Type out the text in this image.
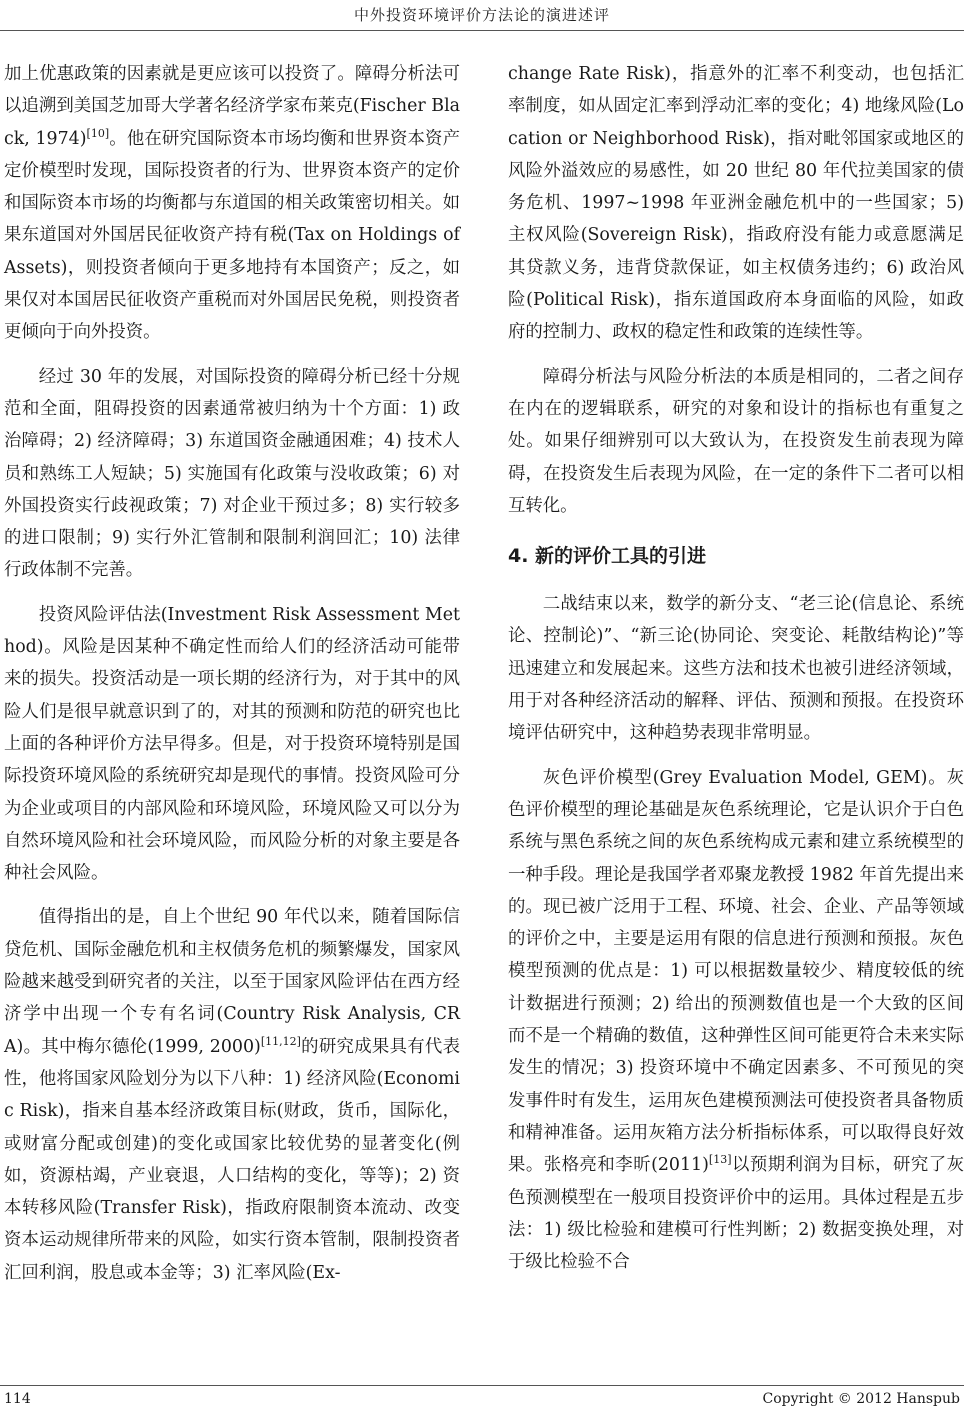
中外投资环境评价方法论的演进述评

加上优惠政策的因素就是更应该可以投资了。障碍分析法可以追溯到美国芝加哥大学著名经济学家布莱克(Fischer Black, 1974)[10]。他在研究国际资本市场均衡和世界资本资产定价模型时发现，国际投资者的行为、世界资本资产的定价和国际资本市场的均衡都与东道国的相关政策密切相关。如果东道国对外国居民征收资产持有税(Tax on Holdings of Assets)，则投资者倾向于更多地持有本国资产；反之，如果仅对本国居民征收资产重税而对外国居民免税，则投资者更倾向于向外投资。

经过 30 年的发展，对国际投资的障碍分析已经十分规范和全面，阻碍投资的因素通常被归纳为十个方面：1) 政治障碍；2) 经济障碍；3) 东道国资金融通困难；4) 技术人员和熟练工人短缺；5) 实施国有化政策与没收政策；6) 对外国投资实行歧视政策；7) 对企业干预过多；8) 实行较多的进口限制；9) 实行外汇管制和限制利润回汇；10) 法律行政体制不完善。

投资风险评估法(Investment Risk Assessment Method)。风险是因某种不确定性而给人们的经济活动可能带来的损失。投资活动是一项长期的经济行为，对于其中的风险人们是很早就意识到了的，对其的预测和防范的研究也比上面的各种评价方法早得多。但是，对于投资环境特别是国际投资环境风险的系统研究却是现代的事情。投资风险可分为企业或项目的内部风险和环境风险，环境风险又可以分为自然环境风险和社会环境风险，而风险分析的对象主要是各种社会风险。

值得指出的是，自上个世纪 90 年代以来，随着国际信贷危机、国际金融危机和主权债务危机的频繁爆发，国家风险越来越受到研究者的关注，以至于国家风险评估在西方经济学中出现一个专有名词(Country Risk Analysis, CRA)。其中梅尔德伦(1999, 2000)[11,12]的研究成果具有代表性，他将国家风险划分为以下八种：1) 经济风险(Economic Risk)，指来自基本经济政策目标(财政，货币，国际化，或财富分配或创建)的变化或国家比较优势的显著变化(例如，资源枯竭，产业衰退，人口结构的变化，等等)；2) 资本转移风险(Transfer Risk)，指政府限制资本流动、改变资本运动规律所带来的风险，如实行资本管制，限制投资者汇回利润，股息或本金等；3) 汇率风险(Ex-

change Rate Risk)，指意外的汇率不利变动，也包括汇率制度，如从固定汇率到浮动汇率的变化；4) 地缘风险(Location or Neighborhood Risk)，指对毗邻国家或地区的风险外溢效应的易感性，如 20 世纪 80 年代拉美国家的债务危机、1997~1998 年亚洲金融危机中的一些国家；5) 主权风险(Sovereign Risk)，指政府没有能力或意愿满足其贷款义务，违背贷款保证，如主权债务违约；6) 政治风险(Political Risk)，指东道国政府本身面临的风险，如政府的控制力、政权的稳定性和政策的连续性等。

障碍分析法与风险分析法的本质是相同的，二者之间存在内在的逻辑联系，研究的对象和设计的指标也有重复之处。如果仔细辨别可以大致认为，在投资发生前表现为障碍，在投资发生后表现为风险，在一定的条件下二者可以相互转化。

4. 新的评价工具的引进

二战结束以来，数学的新分支、“老三论(信息论、系统论、控制论)”、“新三论(协同论、突变论、耗散结构论)”等迅速建立和发展起来。这些方法和技术也被引进经济领域，用于对各种经济活动的解释、评估、预测和预报。在投资环境评估研究中，这种趋势表现非常明显。

灰色评价模型(Grey Evaluation Model, GEM)。灰色评价模型的理论基础是灰色系统理论，它是认识介于白色系统与黑色系统之间的灰色系统构成元素和建立系统模型的一种手段。理论是我国学者邓聚龙教授 1982 年首先提出来的。现已被广泛用于工程、环境、社会、企业、产品等领域的评价之中，主要是运用有限的信息进行预测和预报。灰色模型预测的优点是：1) 可以根据数量较少、精度较低的统计数据进行预测；2) 给出的预测数值也是一个大致的区间而不是一个精确的数值，这种弹性区间可能更符合未来实际发生的情况；3) 投资环境中不确定因素多、不可预见的突发事件时有发生，运用灰色建模预测法可使投资者具备物质和精神准备。运用灰箱方法分析指标体系，可以取得良好效果。张格亮和李昕(2011)[13]以预期利润为目标，研究了灰色预测模型在一般项目投资评价中的运用。具体过程是五步法：1) 级比检验和建模可行性判断；2) 数据变换处理，对于级比检验不合

114	Copyright © 2012 Hanspub
